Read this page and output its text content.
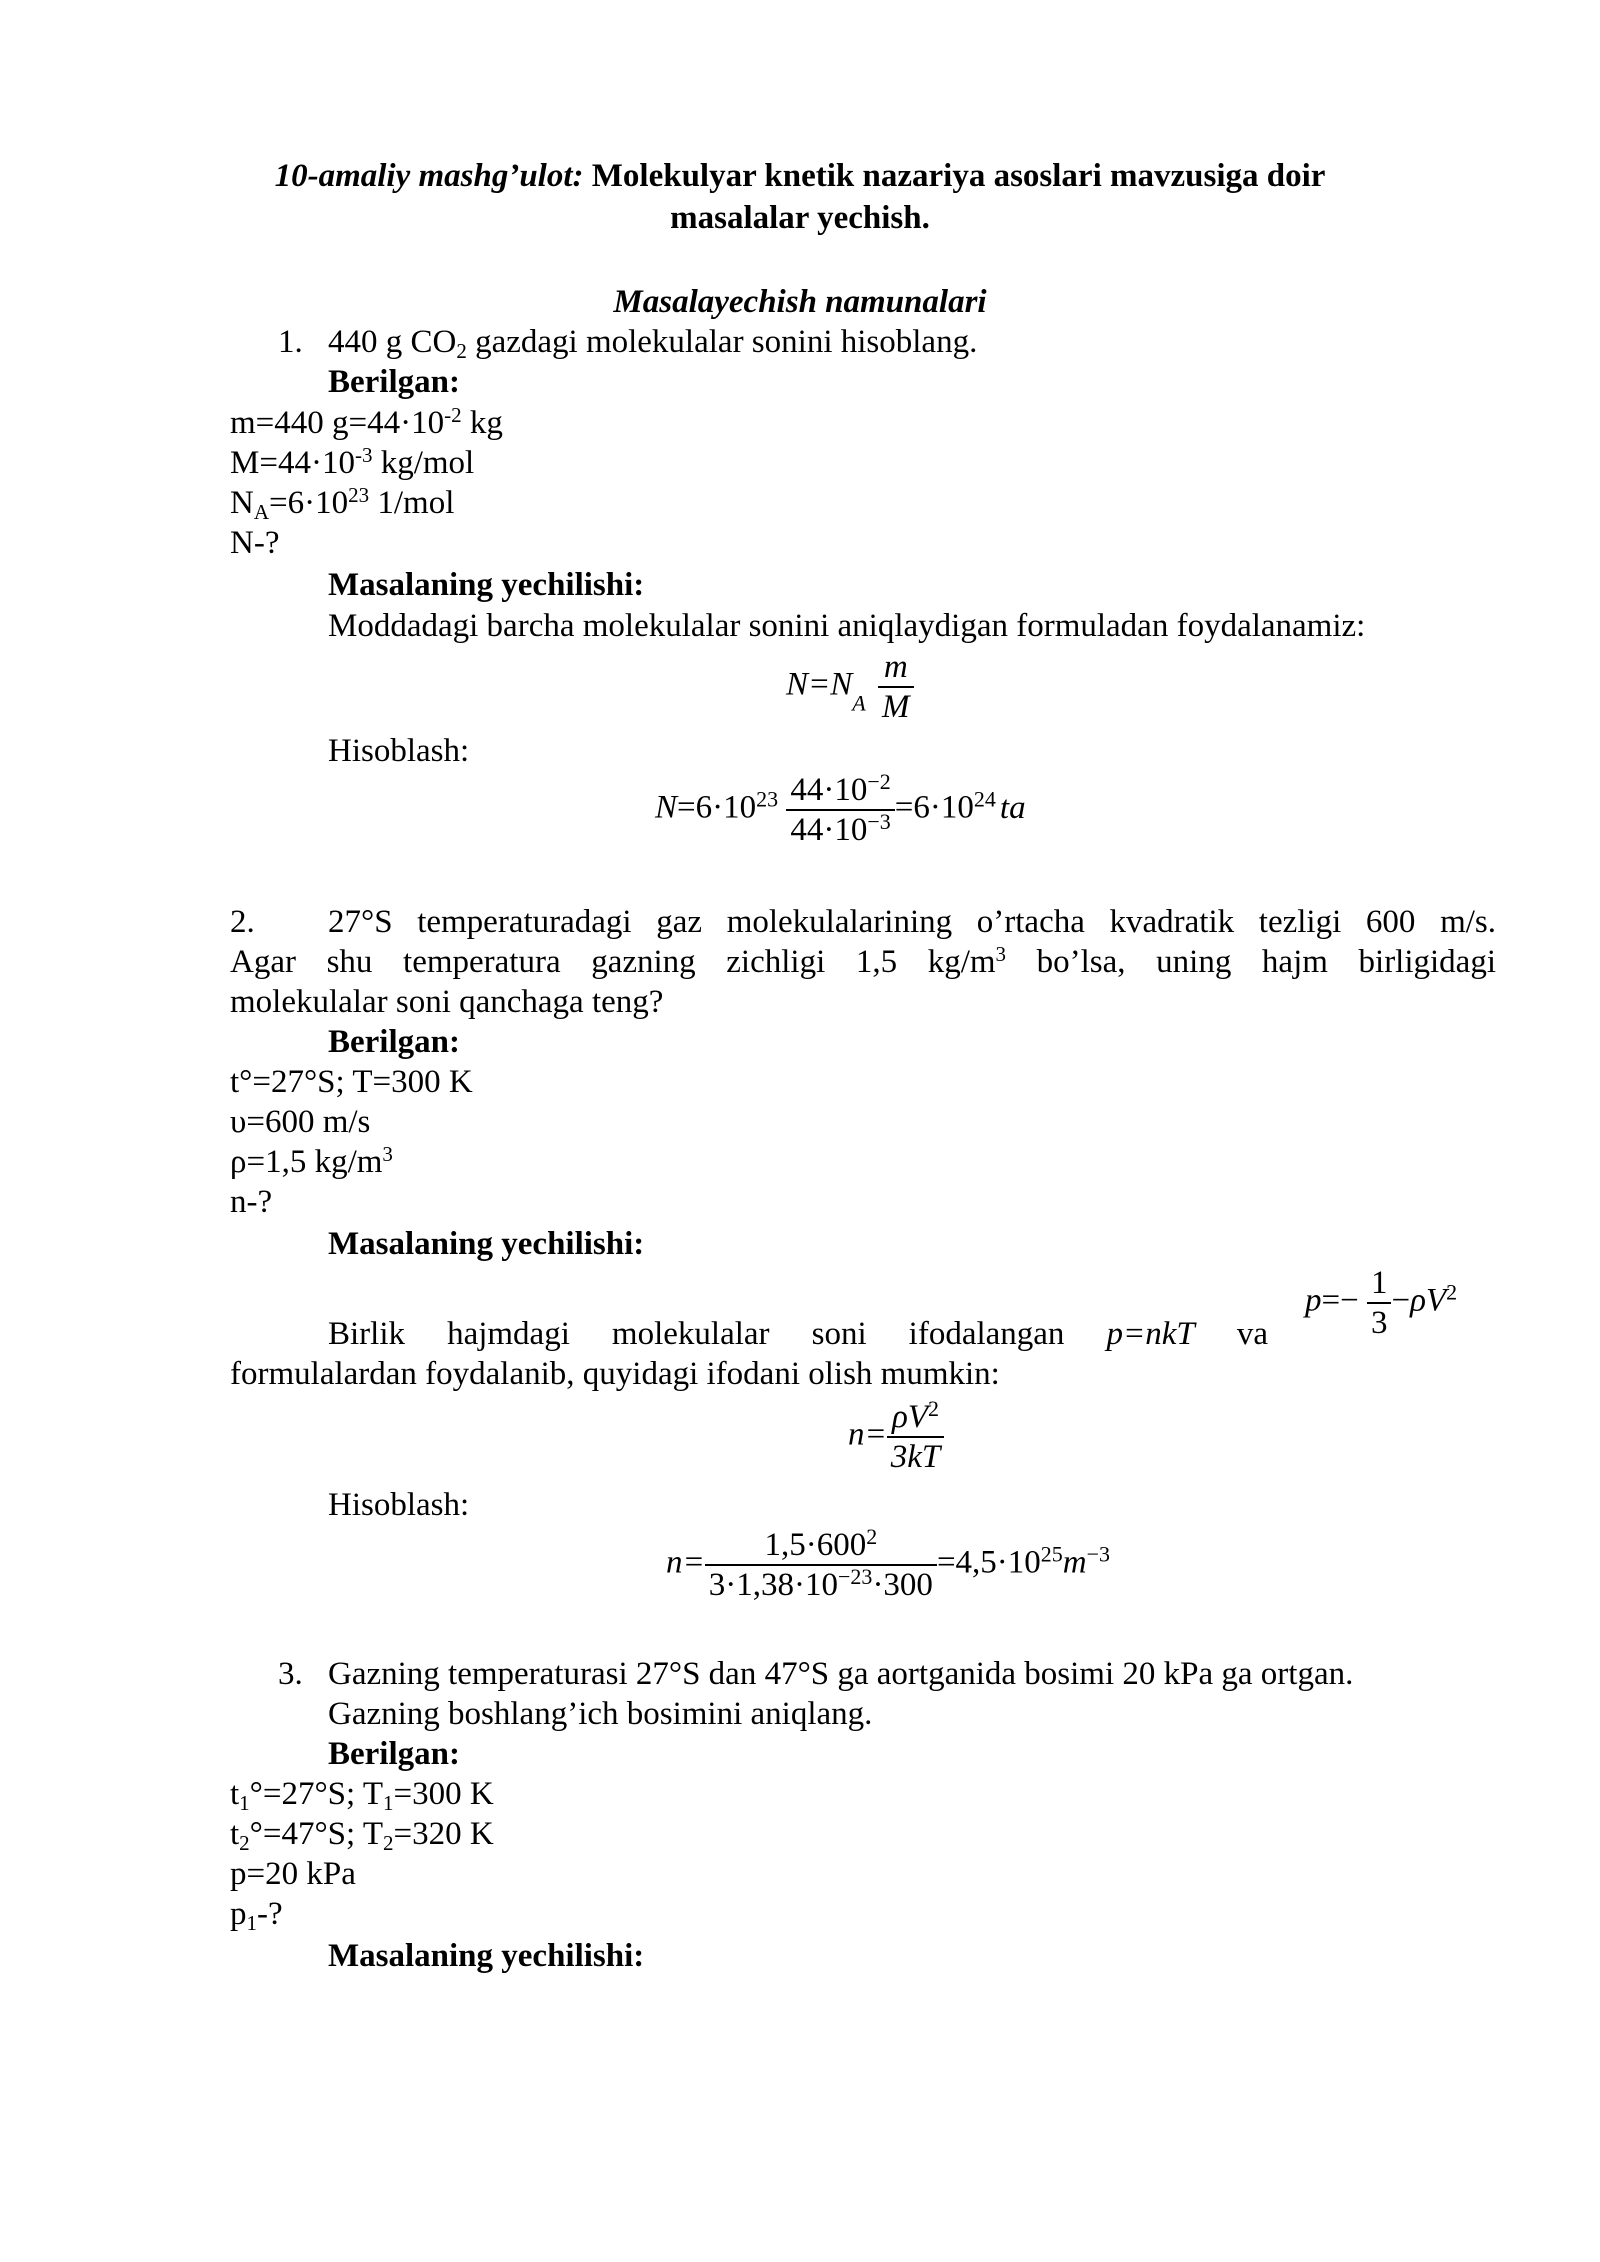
10-amaliy mashg’ulot: Molekulyar knetik nazariya asoslari mavzusiga doir
masalalar yechish.
Masalayechish namunalari
1. 440 g $CO_2$ gazdagi molekulalar sonini hisoblang.
Berilgan:
m=440 $g=44\cdot 10^{-2}$ kg
$M=44\cdot 10^{-3}$ kg/mol
$N_A=6\cdot 10^{23}$ 1/mol
N-?
Masalaning yechilishi:
Moddadagi barcha molekulalar sonini aniqlaydigan formuladan foydalanamiz:
$N=N_A \frac{m}{M}$
Hisoblash:
$N=6\cdot 10^{23} \frac{44\cdot 10^{-2}}{44\cdot 10^{-3}} =6\cdot 10^{24}$ ta
2. 27°S temperaturadagi gaz molekulalarining o’rtacha kvadratik tezligi 600 m/s.
Agar shu temperatura gazning zichligi 1,5 $kg/m^3$ bo’lsa, uning hajm birligidagi
molekulalar soni qanchaga teng?
Berilgan:
t°=27°S; T=300 K
υ=600 m/s
ρ=1,5 $kg/m^3$
n-?
Masalaning yechilishi:
$p=- \frac{1}{3} -\rho V^2$
Birlik hajmdagi molekulalar soni ifodalangan p=nkT va
formulalardan foydalanib, quyidagi ifodani olish mumkin:
$n= \frac{\rho V^2}{3kT}$
Hisoblash:
$n= \frac{1,5\cdot 600^2}{3\cdot 1,38\cdot 10^{-23}\cdot 300} =4,5\cdot 10^{25}m^{-3}$
3. Gazning temperaturasi 27°S dan 47°S ga aortganida bosimi 20 kPa ga ortgan.
Gazning boshlang’ich bosimini aniqlang.
Berilgan:
$t_1^\circ=27^\circ S$; $T_1=300$ K
$t_2^\circ=47^\circ S$; $T_2=320$ K
p=20 kPa
$p_1-$?
Masalaning yechilishi:
